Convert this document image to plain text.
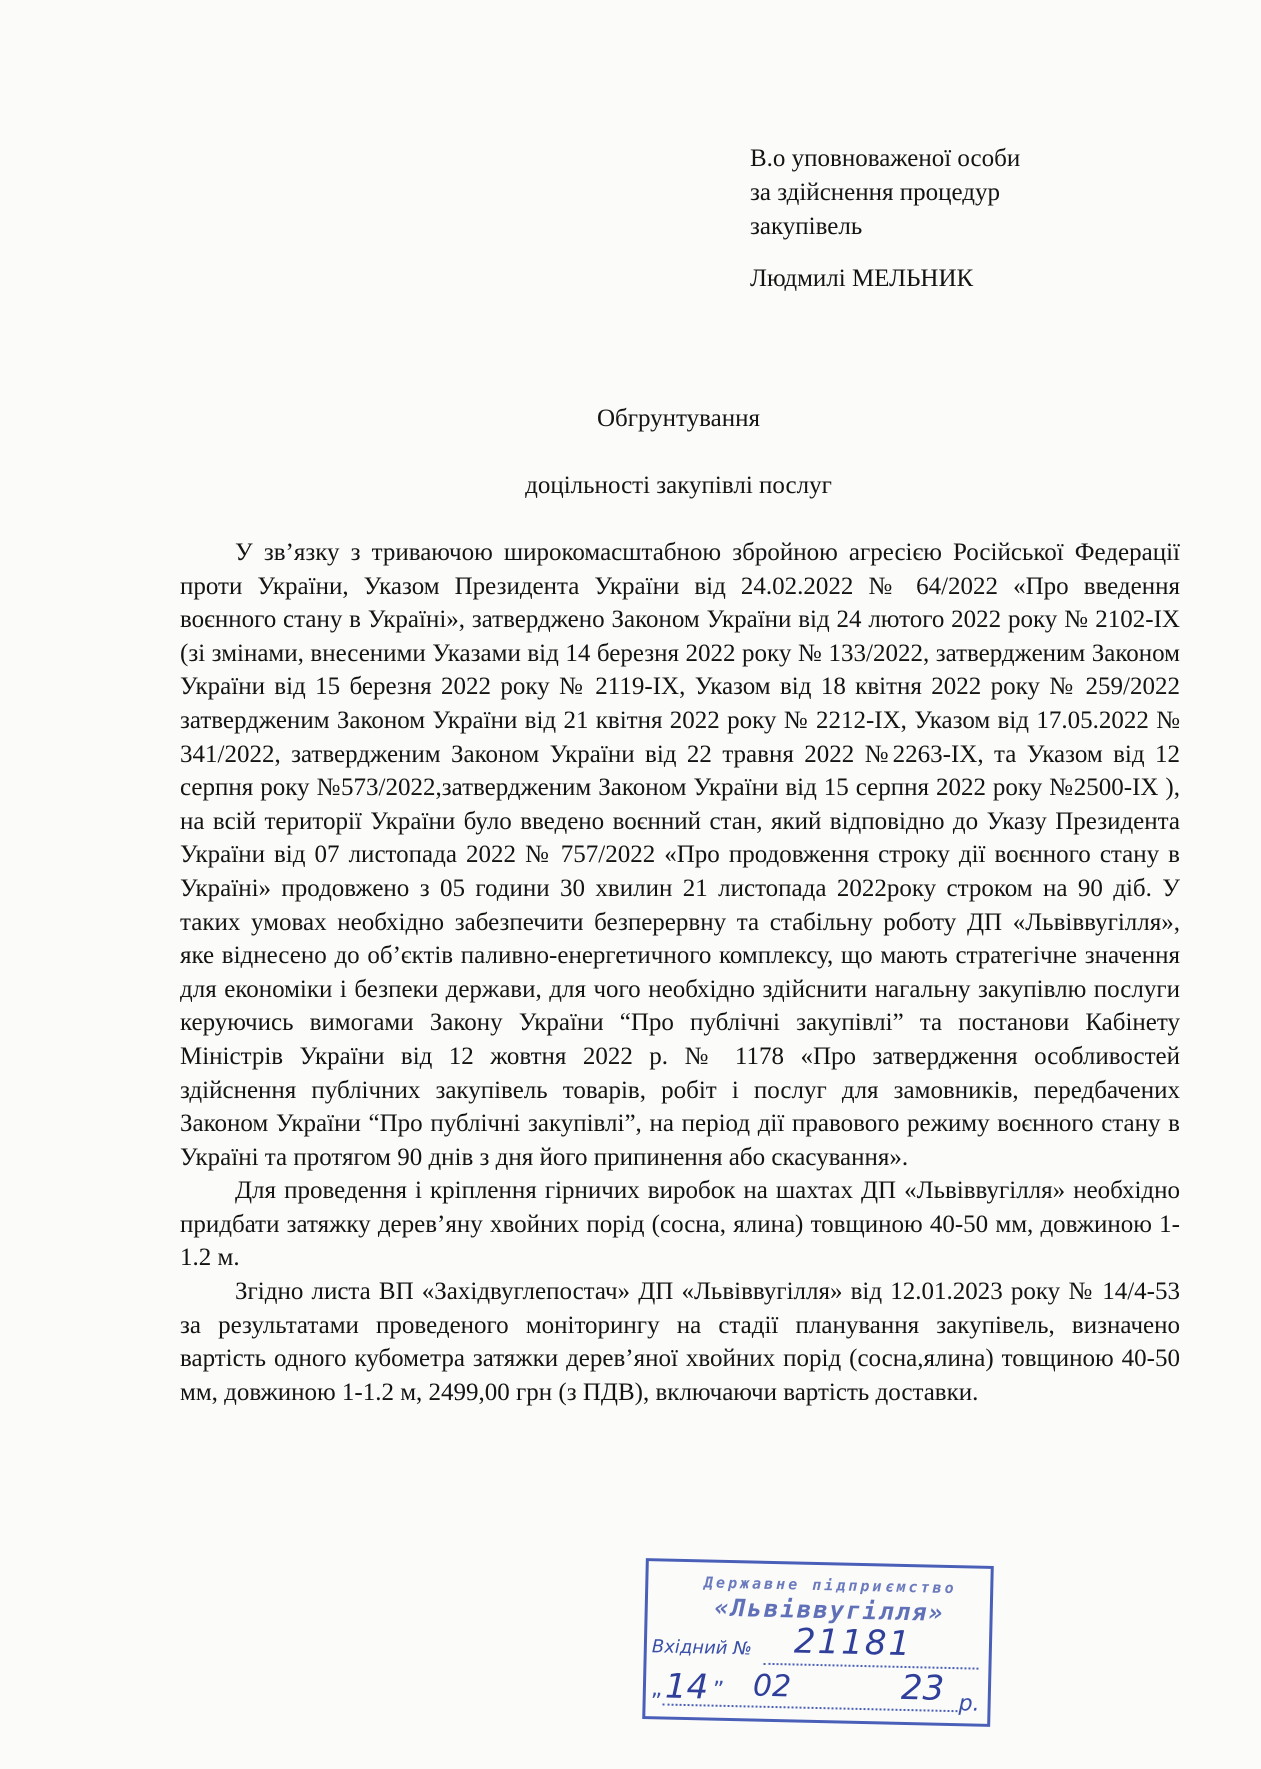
В.о уповноваженої особи
за здійснення процедур
закупівель
Людмилі МЕЛЬНИК
Обгрунтування
доцільності закупівлі послуг

У зв’язку з триваючою широкомасштабною збройною агресією Російської Федерації проти України, Указом Президента України від 24.02.2022 № 64/2022 «Про введення воєнного стану в Україні», затверджено Законом України від 24 лютого 2022 року № 2102-IX (зі змінами, внесеними Указами від 14 березня 2022 року № 133/2022, затвердженим Законом України від 15 березня 2022 року № 2119-IX, Указом від 18 квітня 2022 року № 259/2022 затвердженим Законом України від 21 квітня 2022 року № 2212-IX, Указом від 17.05.2022 № 341/2022, затвердженим Законом України від 22 травня 2022 №2263-IX, та Указом від 12 серпня року №573/2022,затвердженим Законом України від 15 серпня 2022 року №2500-IX ), на всій території України було введено воєнний стан, який відповідно до Указу Президента України від 07 листопада 2022 № 757/2022 «Про продовження строку дії воєнного стану в Україні» продовжено з 05 години 30 хвилин 21 листопада 2022року строком на 90 діб. У таких умовах необхідно забезпечити безперервну та стабільну роботу ДП «Львіввугілля», яке віднесено до об’єктів паливно-енергетичного комплексу, що мають стратегічне значення для економіки і безпеки держави, для чого необхідно здійснити нагальну закупівлю послуги керуючись вимогами Закону України “Про публічні закупівлі” та постанови Кабінету Міністрів України від 12 жовтня 2022 р. № 1178 «Про затвердження особливостей здійснення публічних закупівель товарів, робіт і послуг для замовників, передбачених Законом України “Про публічні закупівлі”, на період дії правового режиму воєнного стану в Україні та протягом 90 днів з дня його припинення або скасування».

Для проведення і кріплення гірничих виробок на шахтах ДП «Львіввугілля» необхідно придбати затяжку дерев’яну хвойних порід (сосна, ялина) товщиною 40-50 мм, довжиною 1-1.2 м.

Згідно листа ВП «Західвуглепостач» ДП «Львіввугілля» від 12.01.2023 року № 14/4-53 за результатами проведеного моніторингу на стадії планування закупівель, визначено вартість одного кубометра затяжки дерев’яної хвойних порід (сосна,ялина) товщиною 40-50 мм, довжиною 1-1.2 м, 2499,00 грн (з ПДВ), включаючи вартість доставки.

Державне підприємство
«Львіввугілля»
Вхідний № 21181
„ 14 ” 02	23 р.
